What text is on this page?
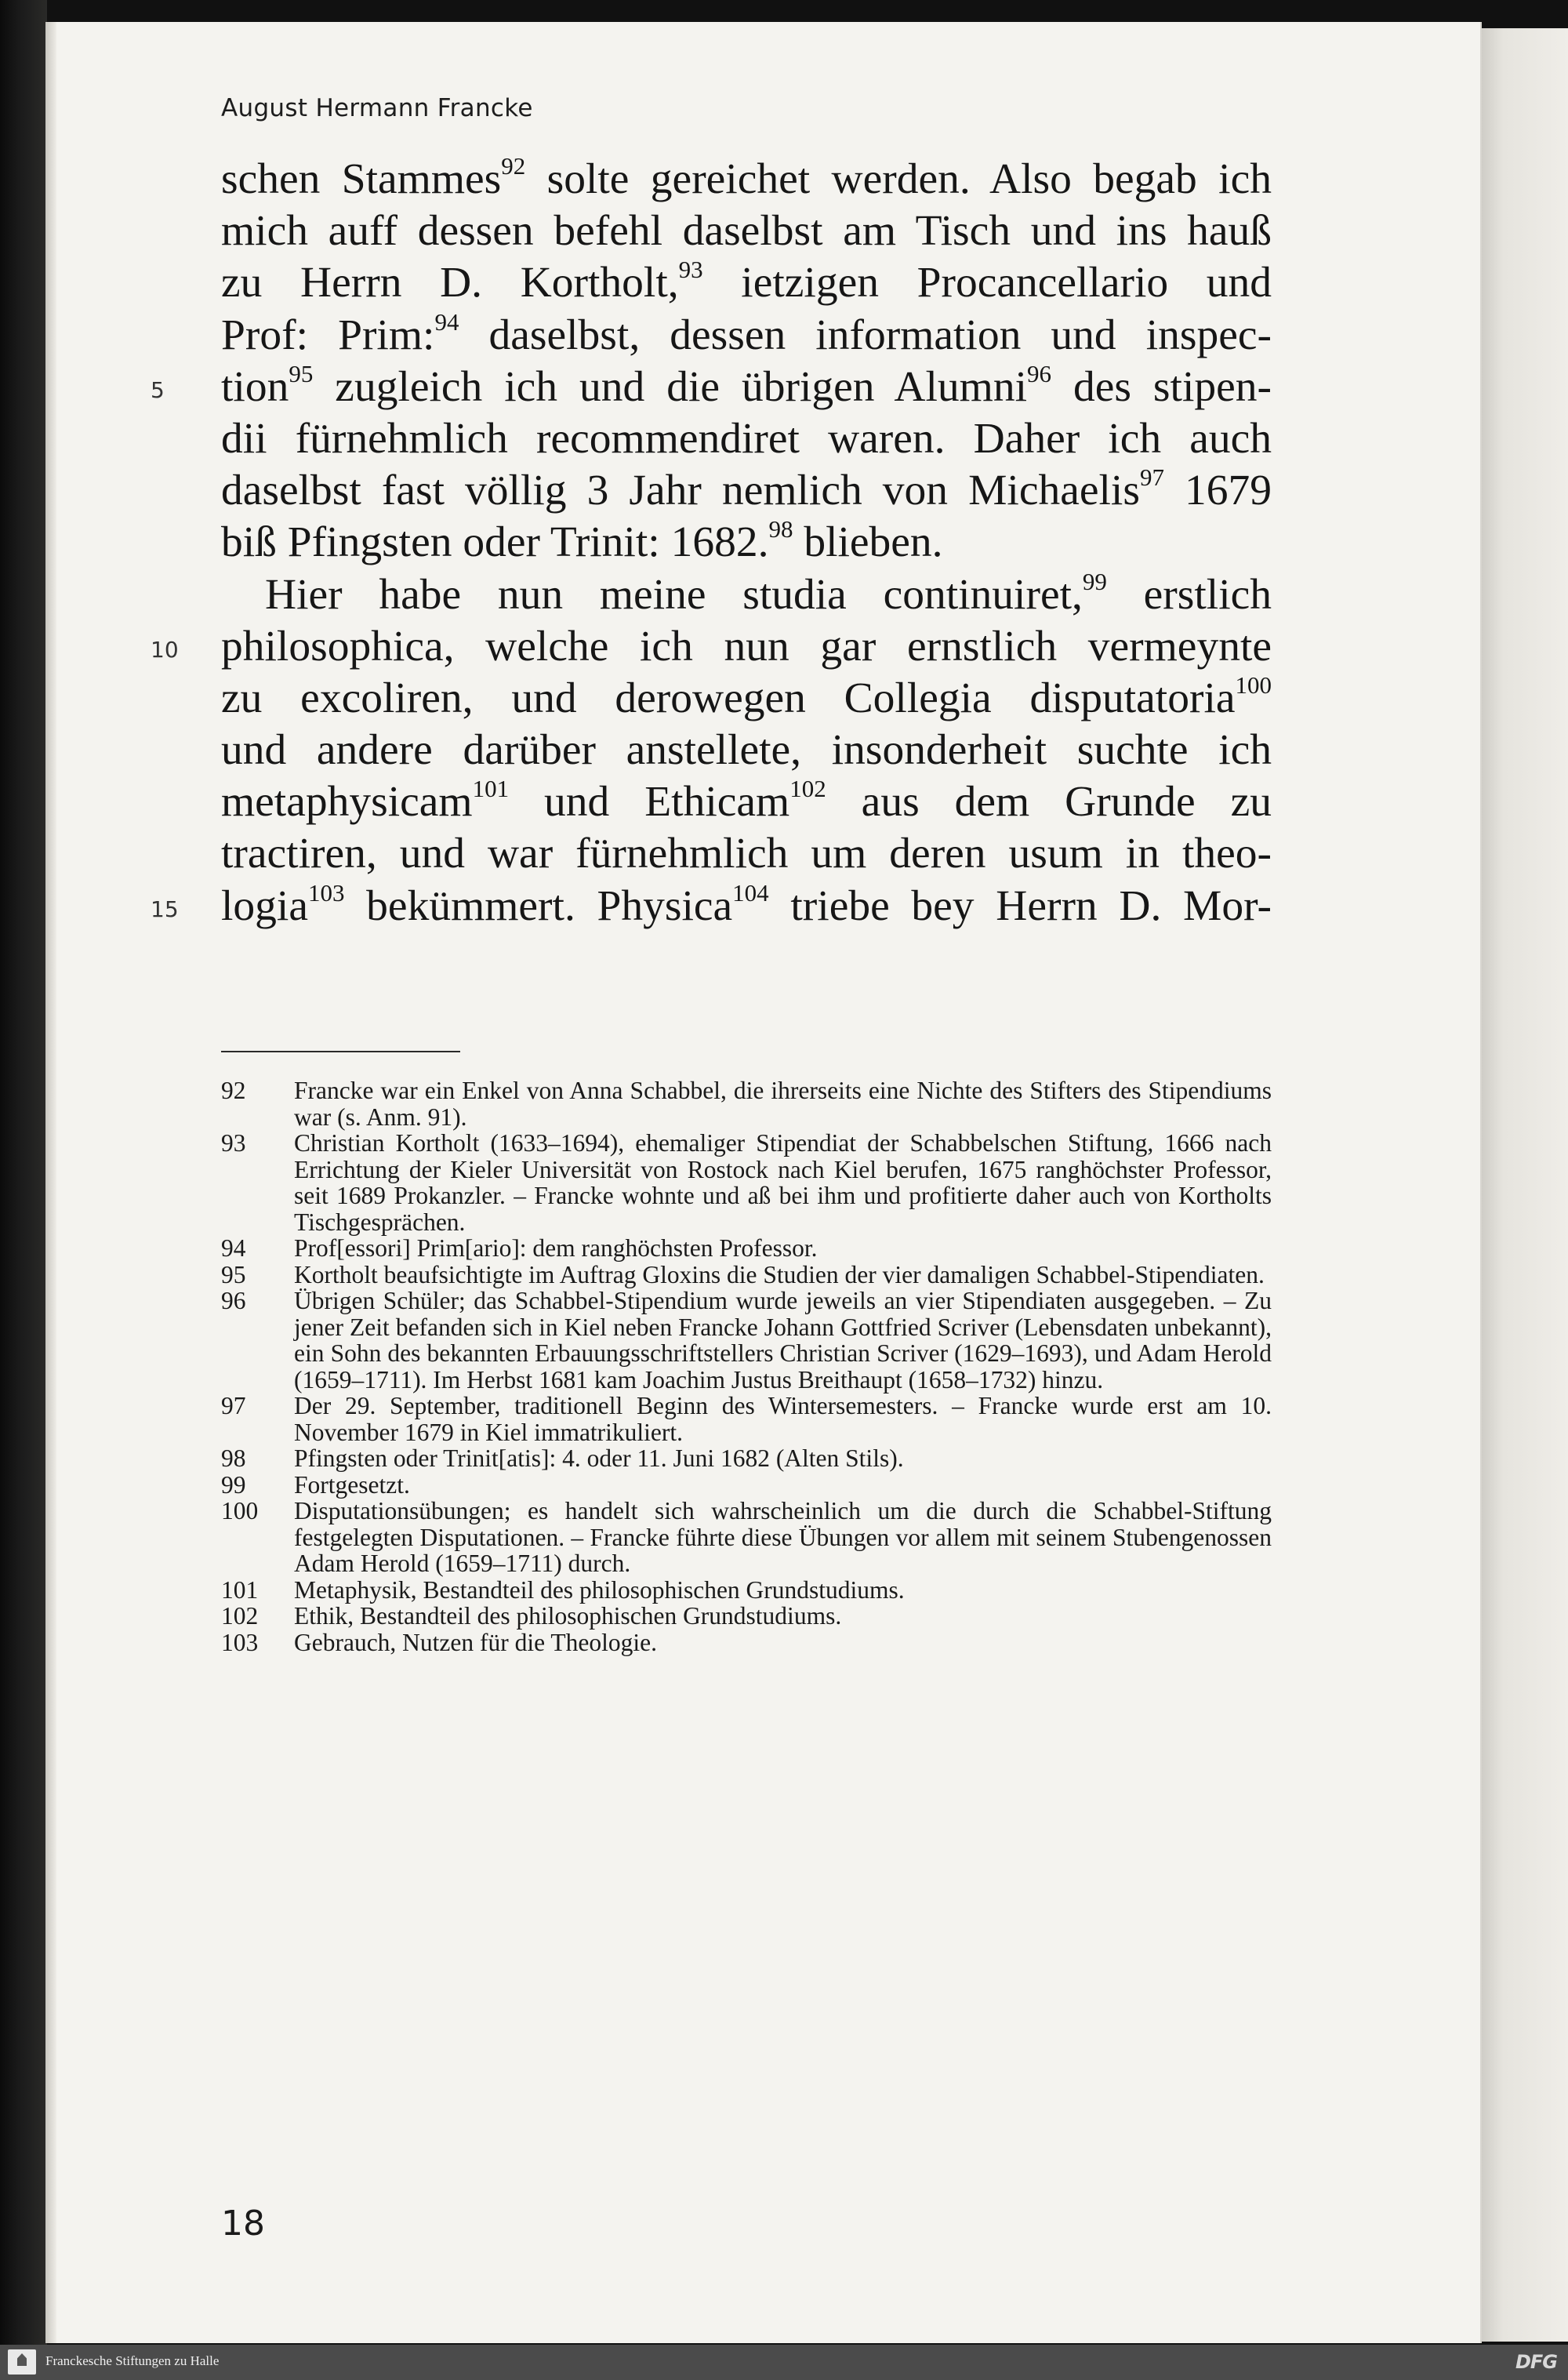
August Hermann Francke
schen Stammes$^{92}$ solte gereichet werden. Also begab ich
mich auff dessen befehl daselbst am Tisch und ins hauß
zu Herrn D. Kortholt,$^{93}$ ietzigen Procancellario und
Prof: Prim:$^{94}$ daselbst, dessen information und inspec-
5	tion$^{95}$ zugleich ich und die übrigen Alumni$^{96}$ des stipen-
dii fürnehmlich recommendiret waren. Daher ich auch
daselbst fast völlig 3 Jahr nemlich von Michaelis$^{97}$ 1679
biß Pfingsten oder Trinit: 1682.98 blieben.
Hier habe nun meine studia continuiret,$^{99}$ erstlich
10 philosophica, welche ich nun gar ernstlich vermeynte
zu excoliren, und derowegen Collegia disputatoria$^{100}$
und andere darüber anstellete, insonderheit suchte ich
metaphysicam$^{101}$ und Ethicam$^{102}$ aus dem Grunde zu
tractiren, und war fürnehmlich um deren usum in theo-
15 logia$^{103}$ bekümmert. Physica$^{104}$ triebe bey Herrn D. Mor-
92	Francke war ein Enkel von Anna Schabbel, die ihrerseits eine Nichte des Stifters des Stipendiums war (s. Anm. 91).
93	Christian Kortholt (1633–1694), ehemaliger Stipendiat der Schabbelschen Stiftung, 1666 nach Errichtung der Kieler Universität von Rostock nach Kiel berufen, 1675 ranghöchster Professor, seit 1689 Prokanzler. – Francke wohnte und aß bei ihm und profitierte daher auch von Kortholts Tischgesprächen.
94	Prof[essori] Prim[ario]: dem ranghöchsten Professor.
95	Kortholt beaufsichtigte im Auftrag Gloxins die Studien der vier damaligen Schabbel-Stipendiaten.
96	Übrigen Schüler; das Schabbel-Stipendium wurde jeweils an vier Stipendiaten ausgegeben. – Zu jener Zeit befanden sich in Kiel neben Francke Johann Gottfried Scriver (Lebensdaten unbekannt), ein Sohn des bekannten Erbauungsschriftstellers Christian Scriver (1629–1693), und Adam Herold (1659–1711). Im Herbst 1681 kam Joachim Justus Breithaupt (1658–1732) hinzu.
97	Der 29. September, traditionell Beginn des Wintersemesters. – Francke wurde erst am 10. November 1679 in Kiel immatrikuliert.
98	Pfingsten oder Trinit[atis]: 4. oder 11. Juni 1682 (Alten Stils).
99	Fortgesetzt.
100	Disputationsübungen; es handelt sich wahrscheinlich um die durch die Schabbel-Stiftung festgelegten Disputationen. – Francke führte diese Übungen vor allem mit seinem Stubengenossen Adam Herold (1659–1711) durch.
101	Metaphysik, Bestandteil des philosophischen Grundstudiums.
102	Ethik, Bestandteil des philosophischen Grundstudiums.
103	Gebrauch, Nutzen für die Theologie.
18
Franckesche Stiftungen zu Halle	DFG
